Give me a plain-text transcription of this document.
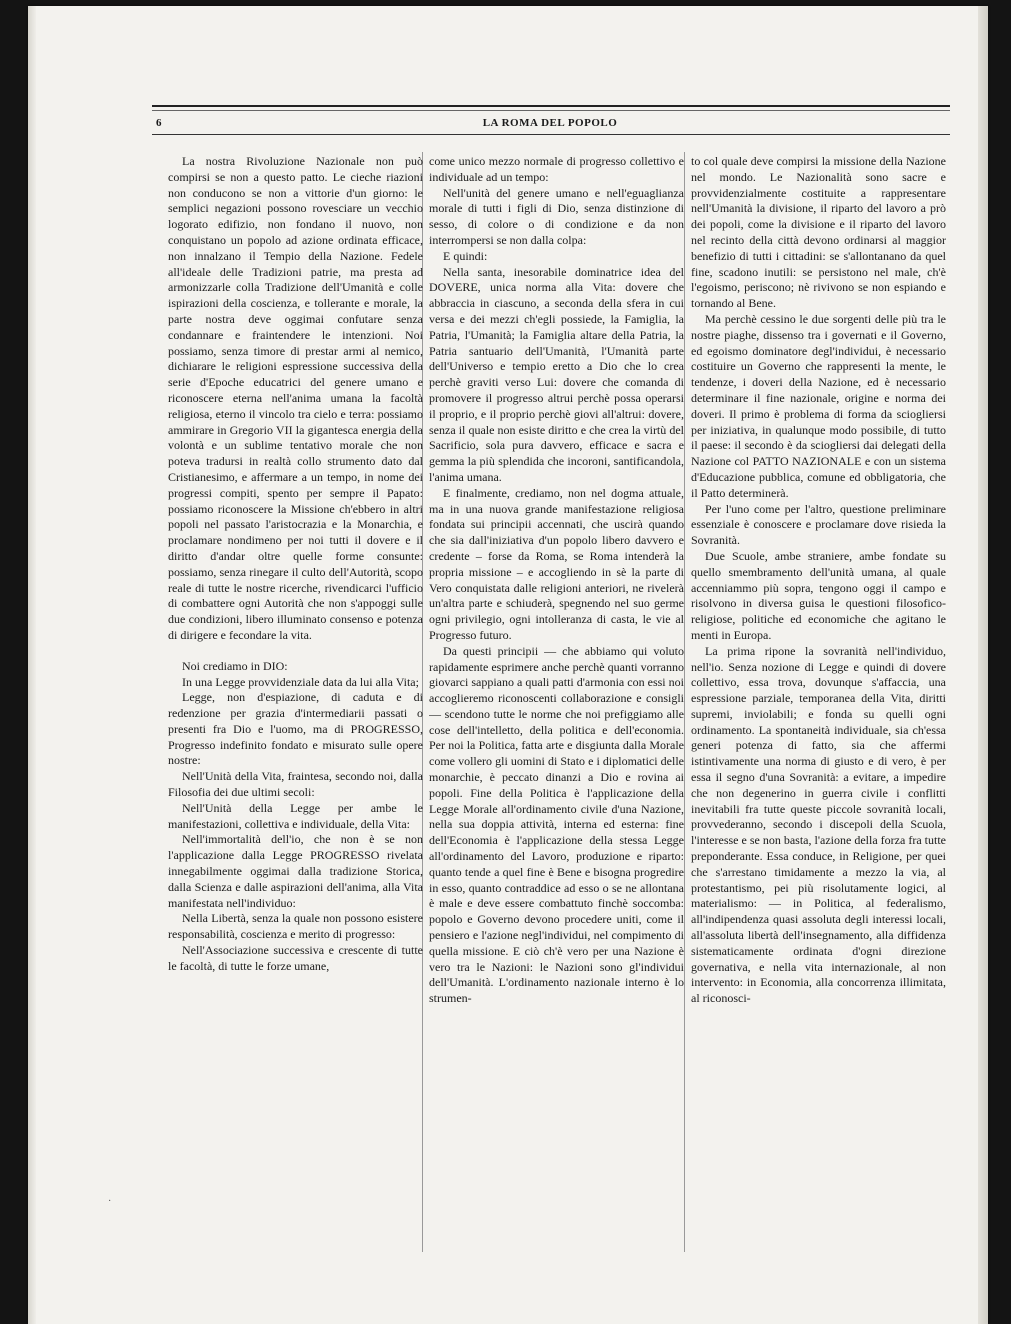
6	LA ROMA DEL POPOLO

La nostra Rivoluzione Nazionale non può compirsi se non a questo patto. Le cieche riazioni non conducono se non a vittorie d'un giorno: le semplici negazioni possono rovesciare un vecchio logorato edifizio, non fondano il nuovo, non conquistano un popolo ad azione ordinata efficace, non innalzano il Tempio della Nazione. Fedele all'ideale delle Tradizioni patrie, ma presta ad armonizzarle colla Tradizione dell'Umanità e colle ispirazioni della coscienza, e tollerante e morale, la parte nostra deve oggimai confutare senza condannare e fraintendere le intenzioni. Noi possiamo, senza timore di prestar armi al nemico, dichiarare le religioni espressione successiva della serie d'Epoche educatrici del genere umano e riconoscere eterna nell'anima umana la facoltà religiosa, eterno il vincolo tra cielo e terra: possiamo ammirare in Gregorio VII la gigantesca energia della volontà e un sublime tentativo morale che non poteva tradursi in realtà collo strumento dato dal Cristianesimo, e affermare a un tempo, in nome dei progressi compiti, spento per sempre il Papato: possiamo riconoscere la Missione ch'ebbero in altri popoli nel passato l'aristocrazia e la Monarchia, e proclamare nondimeno per noi tutti il dovere e il diritto d'andar oltre quelle forme consunte: possiamo, senza rinegare il culto dell'Autorità, scopo reale di tutte le nostre ricerche, rivendicarci l'ufficio di combattere ogni Autorità che non s'appoggi sulle due condizioni, libero illuminato consenso e potenza di dirigere e fecondare la vita.

Noi crediamo in DIO:

In una Legge provvidenziale data da lui alla Vita;

Legge, non d'espiazione, di caduta e di redenzione per grazia d'intermediarii passati o presenti fra Dio e l'uomo, ma di PROGRESSO, Progresso indefinito fondato e misurato sulle opere nostre:

Nell'Unità della Vita, fraintesa, secondo noi, dalla Filosofia dei due ultimi secoli:

Nell'Unità della Legge per ambe le manifestazioni, collettiva e individuale, della Vita:

Nell'immortalità dell'io, che non è se non l'applicazione dalla Legge PROGRESSO rivelata innegabilmente oggimai dalla tradizione Storica, dalla Scienza e dalle aspirazioni dell'anima, alla Vita manifestata nell'individuo:

Nella Libertà, senza la quale non possono esistere responsabilità, coscienza e merito di progresso:

Nell'Associazione successiva e crescente di tutte le facoltà, di tutte le forze umane,

come unico mezzo normale di progresso collettivo e individuale ad un tempo:

Nell'unità del genere umano e nell'eguaglianza morale di tutti i figli di Dio, senza distinzione di sesso, di colore o di condizione e da non interrompersi se non dalla colpa:

E quindi:

Nella santa, inesorabile dominatrice idea del DOVERE, unica norma alla Vita: dovere che abbraccia in ciascuno, a seconda della sfera in cui versa e dei mezzi ch'egli possiede, la Famiglia, la Patria, l'Umanità; la Famiglia altare della Patria, la Patria santuario dell'Umanità, l'Umanità parte dell'Universo e tempio eretto a Dio che lo crea perchè graviti verso Lui: dovere che comanda di promovere il progresso altrui perchè possa operarsi il proprio, e il proprio perchè giovi all'altrui: dovere, senza il quale non esiste diritto e che crea la virtù del Sacrificio, sola pura davvero, efficace e sacra e gemma la più splendida che incoroni, santificandola, l'anima umana.

E finalmente, crediamo, non nel dogma attuale, ma in una nuova grande manifestazione religiosa fondata sui principii accennati, che uscirà quando che sia dall'iniziativa d'un popolo libero davvero e credente – forse da Roma, se Roma intenderà la propria missione – e accogliendo in sè la parte di Vero conquistata dalle religioni anteriori, ne rivelerà un'altra parte e schiuderà, spegnendo nel suo germe ogni privilegio, ogni intolleranza di casta, le vie al Progresso futuro.

Da questi principii — che abbiamo qui voluto rapidamente esprimere anche perchè quanti vorranno giovarci sappiano a quali patti d'armonia con essi noi accoglieremo riconoscenti collaborazione e consigli — scendono tutte le norme che noi prefiggiamo alle cose dell'intelletto, della politica e dell'economia. Per noi la Politica, fatta arte e disgiunta dalla Morale come vollero gli uomini di Stato e i diplomatici delle monarchie, è peccato dinanzi a Dio e rovina ai popoli. Fine della Politica è l'applicazione della Legge Morale all'ordinamento civile d'una Nazione, nella sua doppia attività, interna ed esterna: fine dell'Economia è l'applicazione della stessa Legge all'ordinamento del Lavoro, produzione e riparto: quanto tende a quel fine è Bene e bisogna progredire in esso, quanto contraddice ad esso o se ne allontana è male e deve essere combattuto finchè soccomba: popolo e Governo devono procedere uniti, come il pensiero e l'azione negl'individui, nel compimento di quella missione. E ciò ch'è vero per una Nazione è vero tra le Nazioni: le Nazioni sono gl'individui dell'Umanità. L'ordinamento nazionale interno è lo strumen-

to col quale deve compirsi la missione della Nazione nel mondo. Le Nazionalità sono sacre e provvidenzialmente costituite a rappresentare nell'Umanità la divisione, il riparto del lavoro a prò dei popoli, come la divisione e il riparto del lavoro nel recinto della città devono ordinarsi al maggior benefizio di tutti i cittadini: se s'allontanano da quel fine, scadono inutili: se persistono nel male, ch'è l'egoismo, periscono; nè rivivono se non espiando e tornando al Bene.

Ma perchè cessino le due sorgenti delle più tra le nostre piaghe, dissenso tra i governati e il Governo, ed egoismo dominatore degl'individui, è necessario costituire un Governo che rappresenti la mente, le tendenze, i doveri della Nazione, ed è necessario determinare il fine nazionale, origine e norma dei doveri. Il primo è problema di forma da sciogliersi per iniziativa, in qualunque modo possibile, di tutto il paese: il secondo è da sciogliersi dai delegati della Nazione col PATTO NAZIONALE e con un sistema d'Educazione pubblica, comune ed obbligatoria, che il Patto determinerà.

Per l'uno come per l'altro, questione preliminare essenziale è conoscere e proclamare dove risieda la Sovranità.

Due Scuole, ambe straniere, ambe fondate su quello smembramento dell'unità umana, al quale accenniammo più sopra, tengono oggi il campo e risolvono in diversa guisa le questioni filosofico-religiose, politiche ed economiche che agitano le menti in Europa.

La prima ripone la sovranità nell'individuo, nell'io. Senza nozione di Legge e quindi di dovere collettivo, essa trova, dovunque s'affaccia, una espressione parziale, temporanea della Vita, diritti supremi, inviolabili; e fonda su quelli ogni ordinamento. La spontaneità individuale, sia ch'essa generi potenza di fatto, sia che affermi istintivamente una norma di giusto e di vero, è per essa il segno d'una Sovranità: a evitare, a impedire che non degenerino in guerra civile i conflitti inevitabili fra tutte queste piccole sovranità locali, provvederanno, secondo i discepoli della Scuola, l'interesse e se non basta, l'azione della forza fra tutte preponderante. Essa conduce, in Religione, per quei che s'arrestano timidamente a mezzo la via, al protestantismo, pei più risolutamente logici, al materialismo: — in Politica, al federalismo, all'indipendenza quasi assoluta degli interessi locali, all'assoluta libertà dell'insegnamento, alla diffidenza sistematicamente ordinata d'ogni direzione governativa, e nella vita internazionale, al non intervento: in Economia, alla concorrenza illimitata, al riconosci-

·
